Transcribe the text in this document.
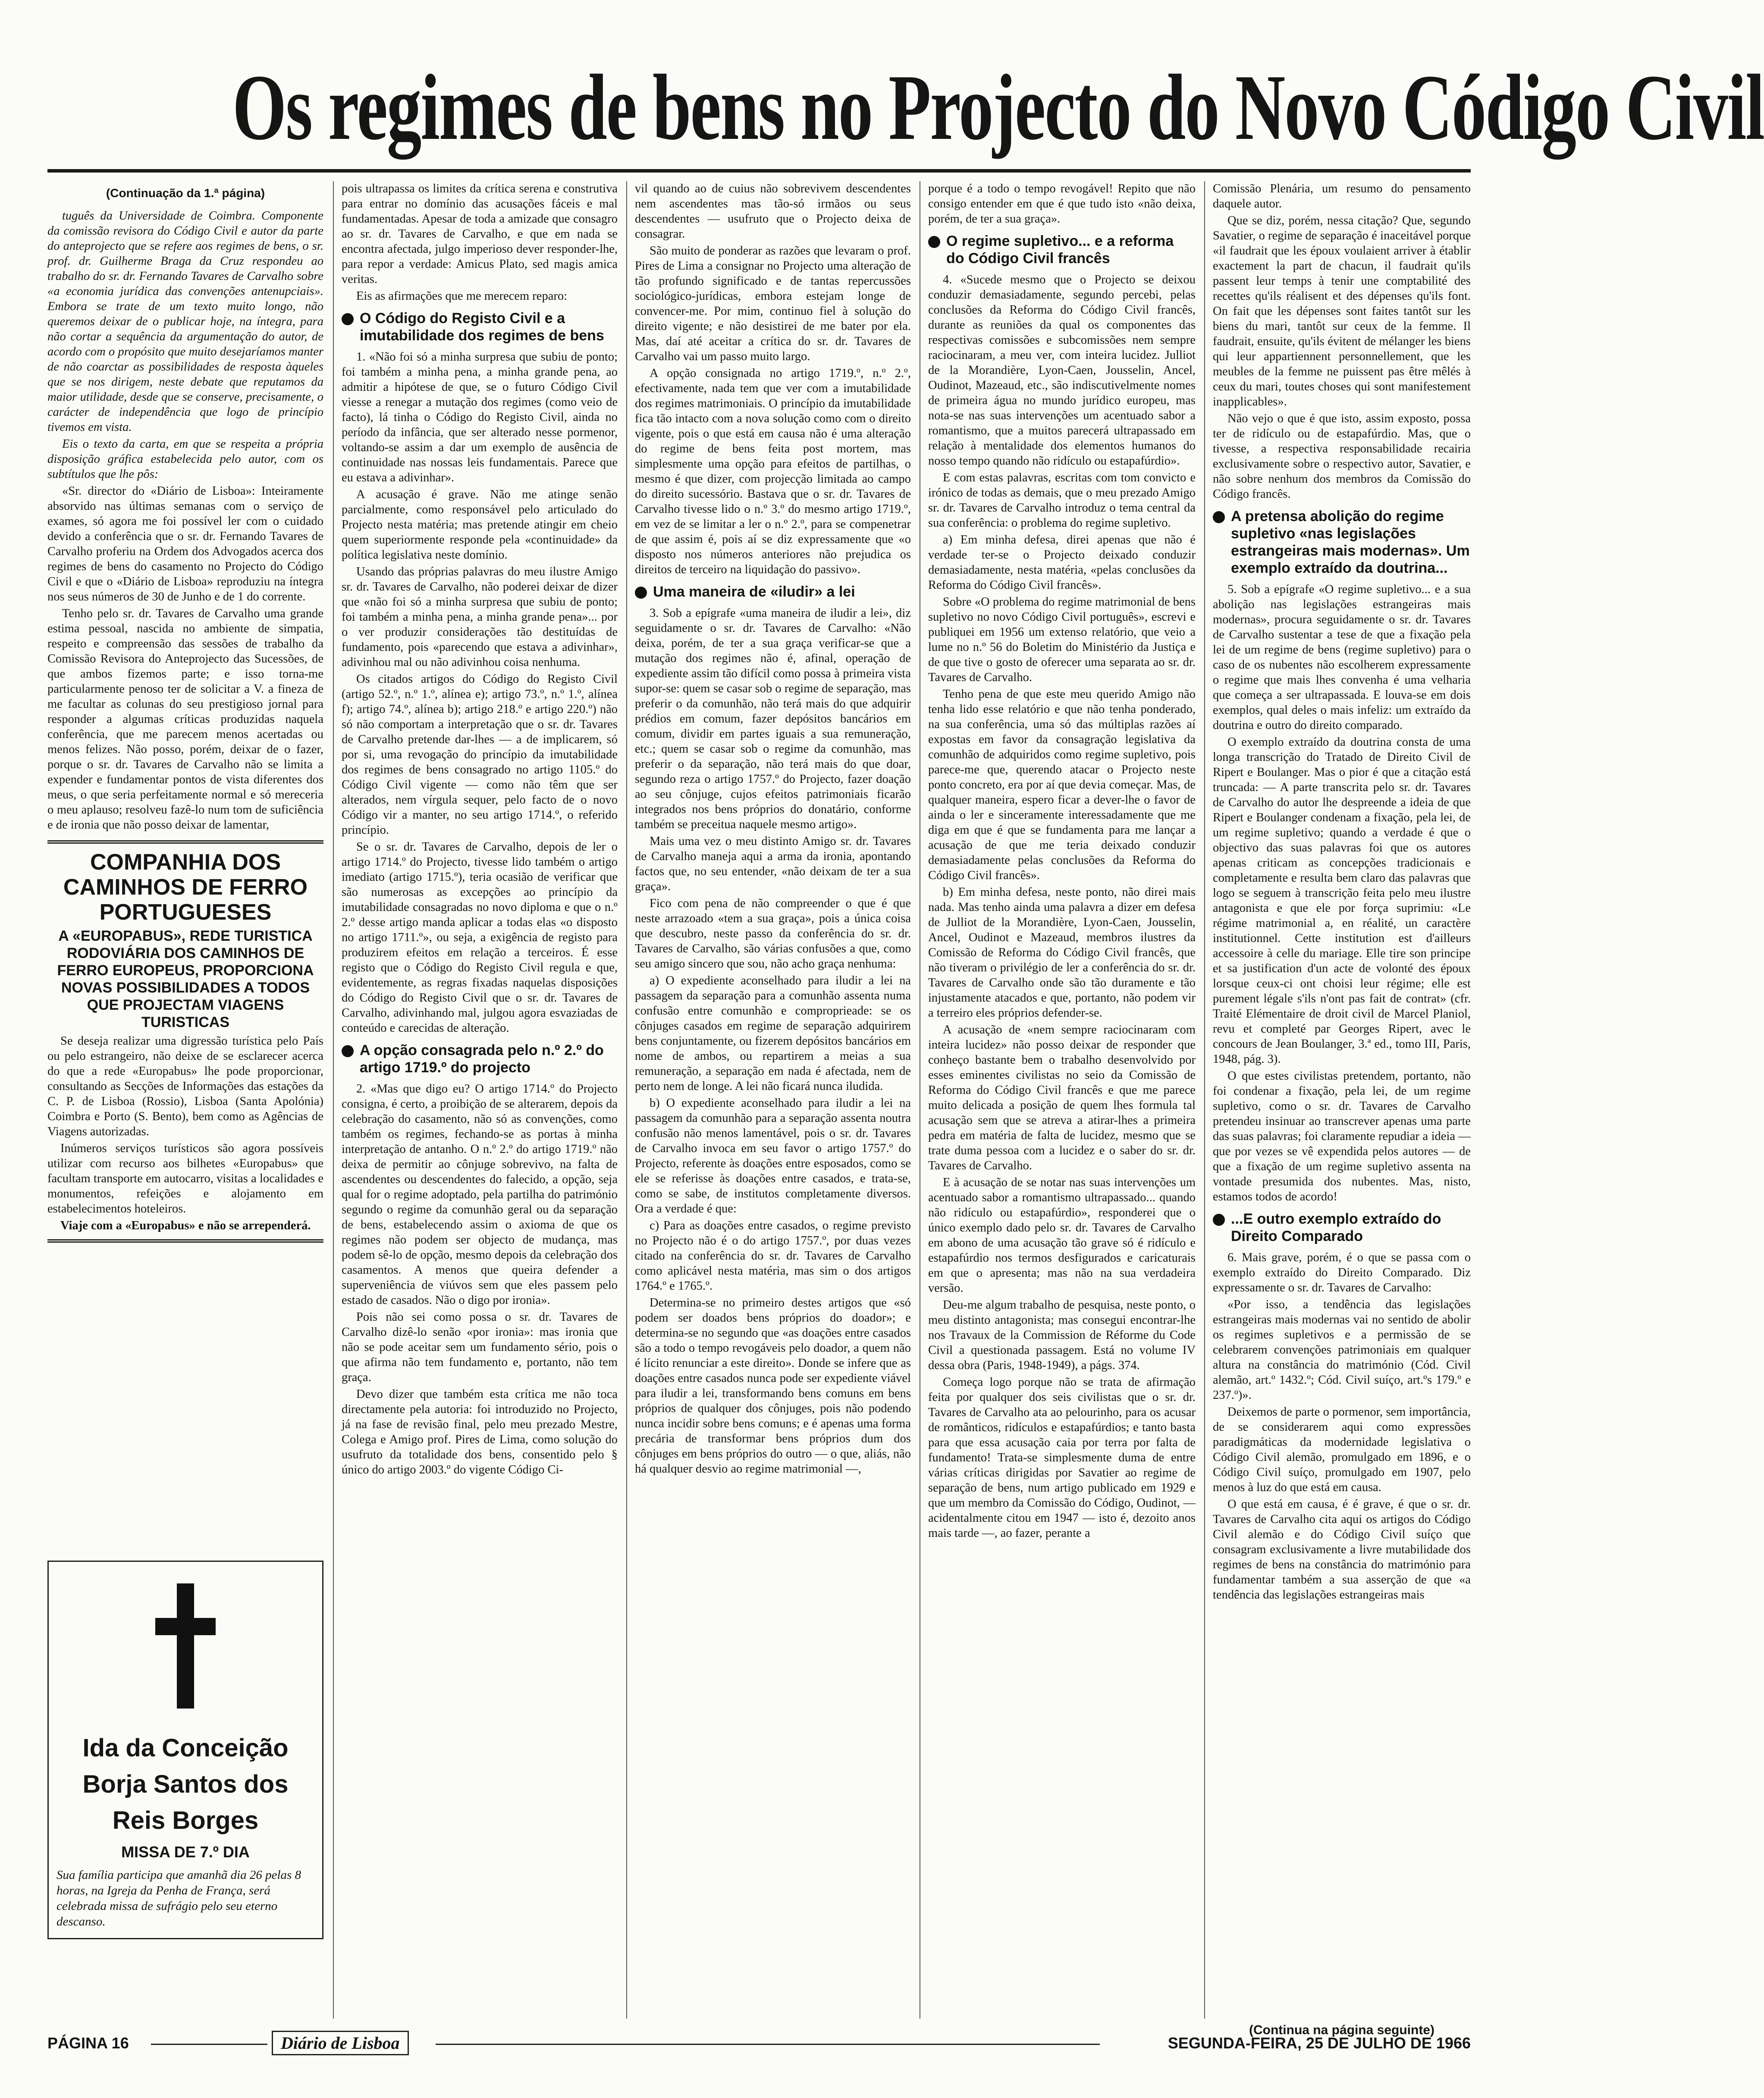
Os regimes de bens no Projecto do Novo Código Civil
(Continuação da 1.ª página)

tuguês da Universidade de Coimbra. Componente da comissão revisora do Código Civil e autor da parte do anteprojecto que se refere aos regimes de bens, o sr. prof. dr. Guilherme Braga da Cruz respondeu ao trabalho do sr. dr. Fernando Tavares de Carvalho sobre «a economia jurídica das convenções antenupciais». Embora se trate de um texto muito longo, não queremos deixar de o publicar hoje, na íntegra, para não cortar a sequência da argumentação do autor, de acordo com o propósito que muito desejaríamos manter de não coarctar as possibilidades de resposta àqueles que se nos dirigem, neste debate que reputamos da maior utilidade, desde que se conserve, precisamente, o carácter de independência que logo de princípio tivemos em vista.

Eis o texto da carta, em que se respeita a própria disposição gráfica estabelecida pelo autor, com os subtítulos que lhe pôs:

«Sr. director do «Diário de Lisboa»: Inteiramente absorvido nas últimas semanas com o serviço de exames, só agora me foi possível ler com o cuidado devido a conferência que o sr. dr. Fernando Tavares de Carvalho proferiu na Ordem dos Advogados acerca dos regimes de bens do casamento no Projecto do Código Civil e que o «Diário de Lisboa» reproduziu na íntegra nos seus números de 30 de Junho e de 1 do corrente.

Tenho pelo sr. dr. Tavares de Carvalho uma grande estima pessoal, nascida no ambiente de simpatia, respeito e compreensão das sessões de trabalho da Comissão Revisora do Anteprojecto das Sucessões, de que ambos fizemos parte; e isso torna-me particularmente penoso ter de solicitar a V. a fineza de me facultar as colunas do seu prestigioso jornal para responder a algumas críticas produzidas naquela conferência, que me parecem menos acertadas ou menos felizes. Não posso, porém, deixar de o fazer, porque o sr. dr. Tavares de Carvalho não se limita a expender e fundamentar pontos de vista diferentes dos meus, o que seria perfeitamente normal e só mereceria o meu aplauso; resolveu fazê-lo num tom de suficiência e de ironia que não posso deixar de lamentar,

COMPANHIA DOS CAMINHOS DE FERRO PORTUGUESES
A «EUROPABUS», REDE TURISTICA RODOVIÁRIA DOS CAMINHOS DE FERRO EUROPEUS, PROPORCIONA NOVAS POSSIBILIDADES A TODOS QUE PROJECTAM VIAGENS TURISTICAS

Se deseja realizar uma digressão turística pelo País ou pelo estrangeiro, não deixe de se esclarecer acerca do que a rede «Europabus» lhe pode proporcionar, consultando as Secções de Informações das estações da C. P. de Lisboa (Rossio), Lisboa (Santa Apolónia) Coimbra e Porto (S. Bento), bem como as Agências de Viagens autorizadas.

Inúmeros serviços turísticos são agora possíveis utilizar com recurso aos bilhetes «Europabus» que facultam transporte em autocarro, visitas a localidades e monumentos, refeições e alojamento em estabelecimentos hoteleiros.

Viaje com a «Europabus» e não se arrependerá.

Ida da Conceição Borja Santos dos Reis Borges
MISSA DE 7.º DIA
Sua família participa que amanhã dia 26 pelas 8 horas, na Igreja da Penha de França, será celebrada missa de sufrágio pelo seu eterno descanso.

pois ultrapassa os limites da crítica serena e construtiva para entrar no domínio das acusações fáceis e mal fundamentadas. Apesar de toda a amizade que consagro ao sr. dr. Tavares de Carvalho, e que em nada se encontra afectada, julgo imperioso dever responder-lhe, para repor a verdade: Amicus Plato, sed magis amica veritas.

Eis as afirmações que me merecem reparo:

O Código do Registo Civil e a imutabilidade dos regimes de bens

1. «Não foi só a minha surpresa que subiu de ponto; foi também a minha pena, a minha grande pena, ao admitir a hipótese de que, se o futuro Código Civil viesse a renegar a mutação dos regimes (como veio de facto), lá tinha o Código do Registo Civil, ainda no período da infância, que ser alterado nesse pormenor, voltando-se assim a dar um exemplo de ausência de continuidade nas nossas leis fundamentais. Parece que eu estava a adivinhar».

A acusação é grave. Não me atinge senão parcialmente, como responsável pelo articulado do Projecto nesta matéria; mas pretende atingir em cheio quem superiormente responde pela «continuidade» da política legislativa neste domínio.

Usando das próprias palavras do meu ilustre Amigo sr. dr. Tavares de Carvalho, não poderei deixar de dizer que «não foi só a minha surpresa que subiu de ponto; foi também a minha pena, a minha grande pena»... por o ver produzir considerações tão destituídas de fundamento, pois «parecendo que estava a adivinhar», adivinhou mal ou não adivinhou coisa nenhuma.

Os citados artigos do Código do Registo Civil (artigo 52.º, n.º 1.º, alínea e); artigo 73.º, n.º 1.º, alínea f); artigo 74.º, alínea b); artigo 218.º e artigo 220.º) não só não comportam a interpretação que o sr. dr. Tavares de Carvalho pretende dar-lhes — a de implicarem, só por si, uma revogação do princípio da imutabilidade dos regimes de bens consagrado no artigo 1105.º do Código Civil vigente — como não têm que ser alterados, nem vírgula sequer, pelo facto de o novo Código vir a manter, no seu artigo 1714.º, o referido princípio.

Se o sr. dr. Tavares de Carvalho, depois de ler o artigo 1714.º do Projecto, tivesse lido também o artigo imediato (artigo 1715.º), teria ocasião de verificar que são numerosas as excepções ao princípio da imutabilidade consagradas no novo diploma e que o n.º 2.º desse artigo manda aplicar a todas elas «o disposto no artigo 1711.º», ou seja, a exigência de registo para produzirem efeitos em relação a terceiros. É esse registo que o Código do Registo Civil regula e que, evidentemente, as regras fixadas naquelas disposições do Código do Registo Civil que o sr. dr. Tavares de Carvalho, adivinhando mal, julgou agora esvaziadas de conteúdo e carecidas de alteração.

A opção consagrada pelo n.º 2.º do artigo 1719.º do projecto

2. «Mas que digo eu? O artigo 1714.º do Projecto consigna, é certo, a proibição de se alterarem, depois da celebração do casamento, não só as convenções, como também os regimes, fechando-se as portas à minha interpretação de antanho. O n.º 2.º do artigo 1719.º não deixa de permitir ao cônjuge sobrevivo, na falta de ascendentes ou descendentes do falecido, a opção, seja qual for o regime adoptado, pela partilha do património segundo o regime da comunhão geral ou da separação de bens, estabelecendo assim o axioma de que os regimes não podem ser objecto de mudança, mas podem sê-lo de opção, mesmo depois da celebração dos casamentos. A menos que queira defender a superveniência de viúvos sem que eles passem pelo estado de casados. Não o digo por ironia».

Pois não sei como possa o sr. dr. Tavares de Carvalho dizê-lo senão «por ironia»: mas ironia que não se pode aceitar sem um fundamento sério, pois o que afirma não tem fundamento e, portanto, não tem graça.

Devo dizer que também esta crítica me não toca directamente pela autoria: foi introduzido no Projecto, já na fase de revisão final, pelo meu prezado Mestre, Colega e Amigo prof. Pires de Lima, como solução do usufruto da totalidade dos bens, consentido pelo § único do artigo 2003.º do vigente Código Ci-

vil quando ao de cuius não sobrevivem descendentes nem ascendentes mas tão-só irmãos ou seus descendentes — usufruto que o Projecto deixa de consagrar.

São muito de ponderar as razões que levaram o prof. Pires de Lima a consignar no Projecto uma alteração de tão profundo significado e de tantas repercussões sociológico-jurídicas, embora estejam longe de convencer-me. Por mim, continuo fiel à solução do direito vigente; e não desistirei de me bater por ela. Mas, daí até aceitar a crítica do sr. dr. Tavares de Carvalho vai um passo muito largo.

A opção consignada no artigo 1719.º, n.º 2.º, efectivamente, nada tem que ver com a imutabilidade dos regimes matrimoniais. O princípio da imutabilidade fica tão intacto com a nova solução como com o direito vigente, pois o que está em causa não é uma alteração do regime de bens feita post mortem, mas simplesmente uma opção para efeitos de partilhas, o mesmo é que dizer, com projecção limitada ao campo do direito sucessório. Bastava que o sr. dr. Tavares de Carvalho tivesse lido o n.º 3.º do mesmo artigo 1719.º, em vez de se limitar a ler o n.º 2.º, para se compenetrar de que assim é, pois aí se diz expressamente que «o disposto nos números anteriores não prejudica os direitos de terceiro na liquidação do passivo».

Uma maneira de «iludir» a lei

3. Sob a epígrafe «uma maneira de iludir a lei», diz seguidamente o sr. dr. Tavares de Carvalho: «Não deixa, porém, de ter a sua graça verificar-se que a mutação dos regimes não é, afinal, operação de expediente assim tão difícil como possa à primeira vista supor-se: quem se casar sob o regime de separação, mas preferir o da comunhão, não terá mais do que adquirir prédios em comum, fazer depósitos bancários em comum, dividir em partes iguais a sua remuneração, etc.; quem se casar sob o regime da comunhão, mas preferir o da separação, não terá mais do que doar, segundo reza o artigo 1757.º do Projecto, fazer doação ao seu cônjuge, cujos efeitos patrimoniais ficarão integrados nos bens próprios do donatário, conforme também se preceitua naquele mesmo artigo».

Mais uma vez o meu distinto Amigo sr. dr. Tavares de Carvalho maneja aqui a arma da ironia, apontando factos que, no seu entender, «não deixam de ter a sua graça».

Fico com pena de não compreender o que é que neste arrazoado «tem a sua graça», pois a única coisa que descubro, neste passo da conferência do sr. dr. Tavares de Carvalho, são várias confusões a que, como seu amigo sincero que sou, não acho graça nenhuma:

a) O expediente aconselhado para iludir a lei na passagem da separação para a comunhão assenta numa confusão entre comunhão e comproprieade: se os cônjuges casados em regime de separação adquirirem bens conjuntamente, ou fizerem depósitos bancários em nome de ambos, ou repartirem a meias a sua remuneração, a separação em nada é afectada, nem de perto nem de longe. A lei não ficará nunca iludida.

b) O expediente aconselhado para iludir a lei na passagem da comunhão para a separação assenta noutra confusão não menos lamentável, pois o sr. dr. Tavares de Carvalho invoca em seu favor o artigo 1757.º do Projecto, referente às doações entre esposados, como se ele se referisse às doações entre casados, e trata-se, como se sabe, de institutos completamente diversos. Ora a verdade é que:

c) Para as doações entre casados, o regime previsto no Projecto não é o do artigo 1757.º, por duas vezes citado na conferência do sr. dr. Tavares de Carvalho como aplicável nesta matéria, mas sim o dos artigos 1764.º e 1765.º.

Determina-se no primeiro destes artigos que «só podem ser doados bens próprios do doador»; e determina-se no segundo que «as doações entre casados são a todo o tempo revogáveis pelo doador, a quem não é lícito renunciar a este direito». Donde se infere que as doações entre casados nunca pode ser expediente viável para iludir a lei, transformando bens comuns em bens próprios de qualquer dos cônjuges, pois não podendo nunca incidir sobre bens comuns; e é apenas uma forma precária de transformar bens próprios dum dos cônjuges em bens próprios do outro — o que, aliás, não há qualquer desvio ao regime matrimonial —,

porque é a todo o tempo revogável! Repito que não consigo entender em que é que tudo isto «não deixa, porém, de ter a sua graça».

O regime supletivo... e a reforma do Código Civil francês

4. «Sucede mesmo que o Projecto se deixou conduzir demasiadamente, segundo percebi, pelas conclusões da Reforma do Código Civil francês, durante as reuniões da qual os componentes das respectivas comissões e subcomissões nem sempre raciocinaram, a meu ver, com inteira lucidez. Julliot de la Morandière, Lyon-Caen, Jousselin, Ancel, Oudinot, Mazeaud, etc., são indiscutivelmente nomes de primeira água no mundo jurídico europeu, mas nota-se nas suas intervenções um acentuado sabor a romantismo, que a muitos parecerá ultrapassado em relação à mentalidade dos elementos humanos do nosso tempo quando não ridículo ou estapafúrdio».

E com estas palavras, escritas com tom convicto e irónico de todas as demais, que o meu prezado Amigo sr. dr. Tavares de Carvalho introduz o tema central da sua conferência: o problema do regime supletivo.

a) Em minha defesa, direi apenas que não é verdade ter-se o Projecto deixado conduzir demasiadamente, nesta matéria, «pelas conclusões da Reforma do Código Civil francês».

Sobre «O problema do regime matrimonial de bens supletivo no novo Código Civil português», escrevi e publiquei em 1956 um extenso relatório, que veio a lume no n.º 56 do Boletim do Ministério da Justiça e de que tive o gosto de oferecer uma separata ao sr. dr. Tavares de Carvalho.

Tenho pena de que este meu querido Amigo não tenha lido esse relatório e que não tenha ponderado, na sua conferência, uma só das múltiplas razões aí expostas em favor da consagração legislativa da comunhão de adquiridos como regime supletivo, pois parece-me que, querendo atacar o Projecto neste ponto concreto, era por aí que devia começar. Mas, de qualquer maneira, espero ficar a dever-lhe o favor de ainda o ler e sinceramente interessadamente que me diga em que é que se fundamenta para me lançar a acusação de que me teria deixado conduzir demasiadamente pelas conclusões da Reforma do Código Civil francês».

b) Em minha defesa, neste ponto, não direi mais nada. Mas tenho ainda uma palavra a dizer em defesa de Julliot de la Morandière, Lyon-Caen, Jousselin, Ancel, Oudinot e Mazeaud, membros ilustres da Comissão de Reforma do Código Civil francês, que não tiveram o privilégio de ler a conferência do sr. dr. Tavares de Carvalho onde são tão duramente e tão injustamente atacados e que, portanto, não podem vir a terreiro eles próprios defender-se.

A acusação de «nem sempre raciocinaram com inteira lucidez» não posso deixar de responder que conheço bastante bem o trabalho desenvolvido por esses eminentes civilistas no seio da Comissão de Reforma do Código Civil francês e que me parece muito delicada a posição de quem lhes formula tal acusação sem que se atreva a atirar-lhes a primeira pedra em matéria de falta de lucidez, mesmo que se trate duma pessoa com a lucidez e o saber do sr. dr. Tavares de Carvalho.

E à acusação de se notar nas suas intervenções um acentuado sabor a romantismo ultrapassado... quando não ridículo ou estapafúrdio», responderei que o único exemplo dado pelo sr. dr. Tavares de Carvalho em abono de uma acusação tão grave só é ridículo e estapafúrdio nos termos desfigurados e caricaturais em que o apresenta; mas não na sua verdadeira versão.

Deu-me algum trabalho de pesquisa, neste ponto, o meu distinto antagonista; mas consegui encontrar-lhe nos Travaux de la Commission de Réforme du Code Civil a questionada passagem. Está no volume IV dessa obra (Paris, 1948-1949), a págs. 374.

Começa logo porque não se trata de afirmação feita por qualquer dos seis civilistas que o sr. dr. Tavares de Carvalho ata ao pelourinho, para os acusar de românticos, ridículos e estapafúrdios; e tanto basta para que essa acusação caia por terra por falta de fundamento! Trata-se simplesmente duma de entre várias críticas dirigidas por Savatier ao regime de separação de bens, num artigo publicado em 1929 e que um membro da Comissão do Código, Oudinot, — acidentalmente citou em 1947 — isto é, dezoito anos mais tarde —, ao fazer, perante a

Comissão Plenária, um resumo do pensamento daquele autor.

Que se diz, porém, nessa citação? Que, segundo Savatier, o regime de separação é inaceitável porque «il faudrait que les époux voulaient arriver à établir exactement la part de chacun, il faudrait qu'ils passent leur temps à tenir une comptabilité des recettes qu'ils réalisent et des dépenses qu'ils font. On fait que les dépenses sont faites tantôt sur les biens du mari, tantôt sur ceux de la femme. Il faudrait, ensuite, qu'ils évitent de mélanger les biens qui leur appartiennent personnellement, que les meubles de la femme ne puissent pas être mêlés à ceux du mari, toutes choses qui sont manifestement inapplicables».

Não vejo o que é que isto, assim exposto, possa ter de ridículo ou de estapafúrdio. Mas, que o tivesse, a respectiva responsabilidade recairia exclusivamente sobre o respectivo autor, Savatier, e não sobre nenhum dos membros da Comissão do Código francês.

A pretensa abolição do regime supletivo «nas legislações estrangeiras mais modernas». Um exemplo extraído da doutrina...

5. Sob a epígrafe «O regime supletivo... e a sua abolição nas legislações estrangeiras mais modernas», procura seguidamente o sr. dr. Tavares de Carvalho sustentar a tese de que a fixação pela lei de um regime de bens (regime supletivo) para o caso de os nubentes não escolherem expressamente o regime que mais lhes convenha é uma velharia que começa a ser ultrapassada. E louva-se em dois exemplos, qual deles o mais infeliz: um extraído da doutrina e outro do direito comparado.

O exemplo extraído da doutrina consta de uma longa transcrição do Tratado de Direito Civil de Ripert e Boulanger. Mas o pior é que a citação está truncada: — A parte transcrita pelo sr. dr. Tavares de Carvalho do autor lhe despreende a ideia de que Ripert e Boulanger condenam a fixação, pela lei, de um regime supletivo; quando a verdade é que o objectivo das suas palavras foi que os autores apenas criticam as concepções tradicionais e completamente e resulta bem claro das palavras que logo se seguem à transcrição feita pelo meu ilustre antagonista e que ele por força suprimiu: «Le régime matrimonial a, en réalité, un caractère institutionnel. Cette institution est d'ailleurs accessoire à celle du mariage. Elle tire son principe et sa justification d'un acte de volonté des époux lorsque ceux-ci ont choisi leur régime; elle est purement légale s'ils n'ont pas fait de contrat» (cfr. Traité Elémentaire de droit civil de Marcel Planiol, revu et completé par Georges Ripert, avec le concours de Jean Boulanger, 3.ª ed., tomo III, Paris, 1948, pág. 3).

O que estes civilistas pretendem, portanto, não foi condenar a fixação, pela lei, de um regime supletivo, como o sr. dr. Tavares de Carvalho pretendeu insinuar ao transcrever apenas uma parte das suas palavras; foi claramente repudiar a ideia — que por vezes se vê expendida pelos autores — de que a fixação de um regime supletivo assenta na vontade presumida dos nubentes. Mas, nisto, estamos todos de acordo!

...E outro exemplo extraído do Direito Comparado

6. Mais grave, porém, é o que se passa com o exemplo extraído do Direito Comparado. Diz expressamente o sr. dr. Tavares de Carvalho:

«Por isso, a tendência das legislações estrangeiras mais modernas vai no sentido de abolir os regimes supletivos e a permissão de se celebrarem convenções patrimoniais em qualquer altura na constância do matrimónio (Cód. Civil alemão, art.º 1432.º; Cód. Civil suíço, art.ºs 179.º e 237.º)».

Deixemos de parte o pormenor, sem importância, de se considerarem aqui como expressões paradigmáticas da modernidade legislativa o Código Civil alemão, promulgado em 1896, e o Código Civil suíço, promulgado em 1907, pelo menos à luz do que está em causa.

O que está em causa, é é grave, é que o sr. dr. Tavares de Carvalho cita aqui os artigos do Código Civil alemão e do Código Civil suíço que consagram exclusivamente a livre mutabilidade dos regimes de bens na constância do matrimónio para fundamentar também a sua asserção de que «a tendência das legislações estrangeiras mais

(Continua na página seguinte)
PÁGINA 16	Diário de Lisboa	SEGUNDA-FEIRA, 25 DE JULHO DE 1966
